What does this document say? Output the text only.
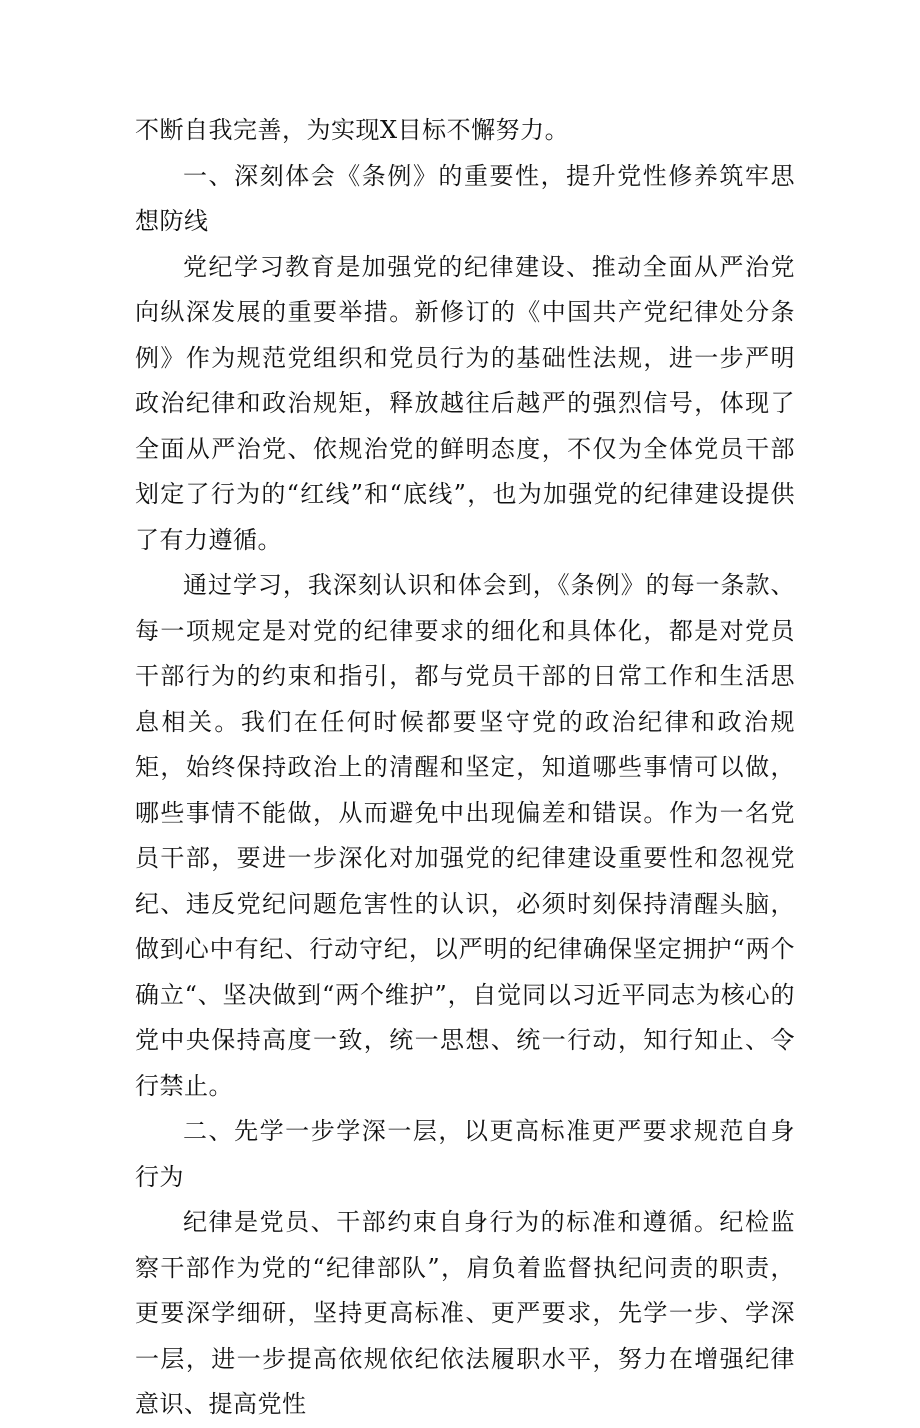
不断自我完善，为实现X目标不懈努力。

一、深刻体会《条例》的重要性，提升党性修养筑牢思想防线

党纪学习教育是加强党的纪律建设、推动全面从严治党向纵深发展的重要举措。新修订的《中国共产党纪律处分条例》作为规范党组织和党员行为的基础性法规，进一步严明政治纪律和政治规矩，释放越往后越严的强烈信号，体现了全面从严治党、依规治党的鲜明态度，不仅为全体党员干部划定了行为的“红线”和“底线”，也为加强党的纪律建设提供了有力遵循。

通过学习，我深刻认识和体会到，《条例》的每一条款、每一项规定是对党的纪律要求的细化和具体化，都是对党员干部行为的约束和指引，都与党员干部的日常工作和生活思息相关。我们在任何时候都要坚守党的政治纪律和政治规矩，始终保持政治上的清醒和坚定，知道哪些事情可以做，哪些事情不能做，从而避免中出现偏差和错误。作为一名党员干部，要进一步深化对加强党的纪律建设重要性和忽视党纪、违反党纪问题危害性的认识，必须时刻保持清醒头脑，做到心中有纪、行动守纪，以严明的纪律确保坚定拥护“两个确立“、坚决做到“两个维护”，自觉同以习近平同志为核心的党中央保持高度一致，统一思想、统一行动，知行知止、令行禁止。

二、先学一步学深一层，以更高标准更严要求规范自身行为

纪律是党员、干部约束自身行为的标准和遵循。纪检监察干部作为党的“纪律部队”，肩负着监督执纪问责的职责，更要深学细研，坚持更高标准、更严要求，先学一步、学深一层，进一步提高依规依纪依法履职水平，努力在增强纪律意识、提高党性
